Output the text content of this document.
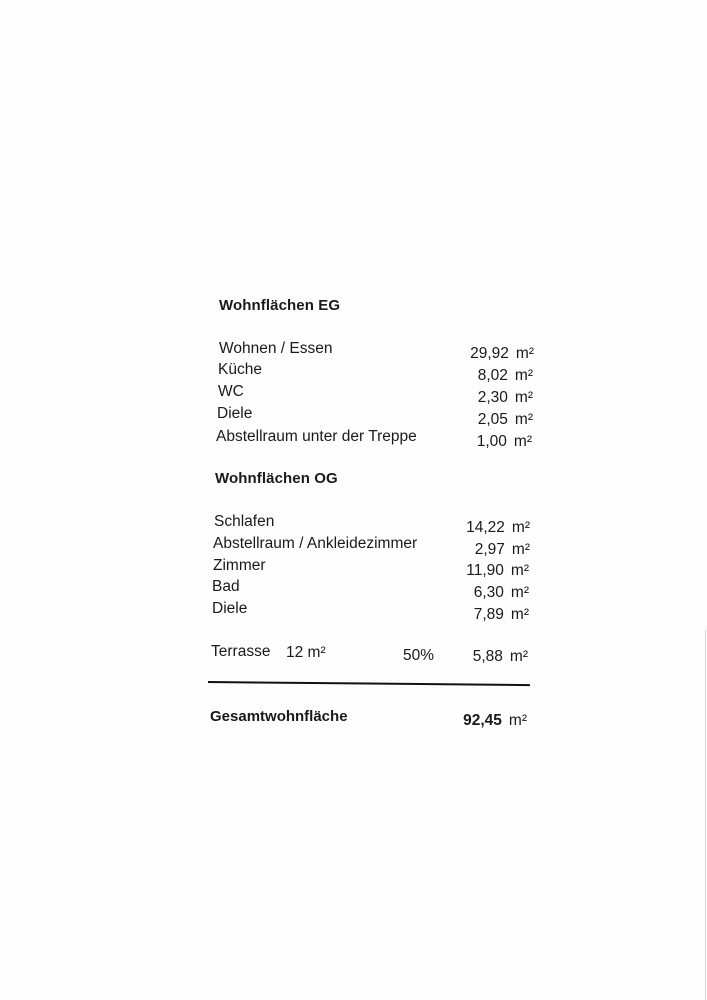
Wohnflächen EG
Wohnen / Essen	29,92 m²
Küche	8,02 m²
WC	2,30 m²
Diele	2,05 m²
Abstellraum unter der Treppe	1,00 m²
Wohnflächen OG
Schlafen	14,22 m²
Abstellraum / Ankleidezimmer	2,97 m²
Zimmer	11,90 m²
Bad	6,30 m²
Diele	7,89 m²
Terrasse 12 m²	50%	5,88 m²
Gesamtwohnfläche	92,45 m²
